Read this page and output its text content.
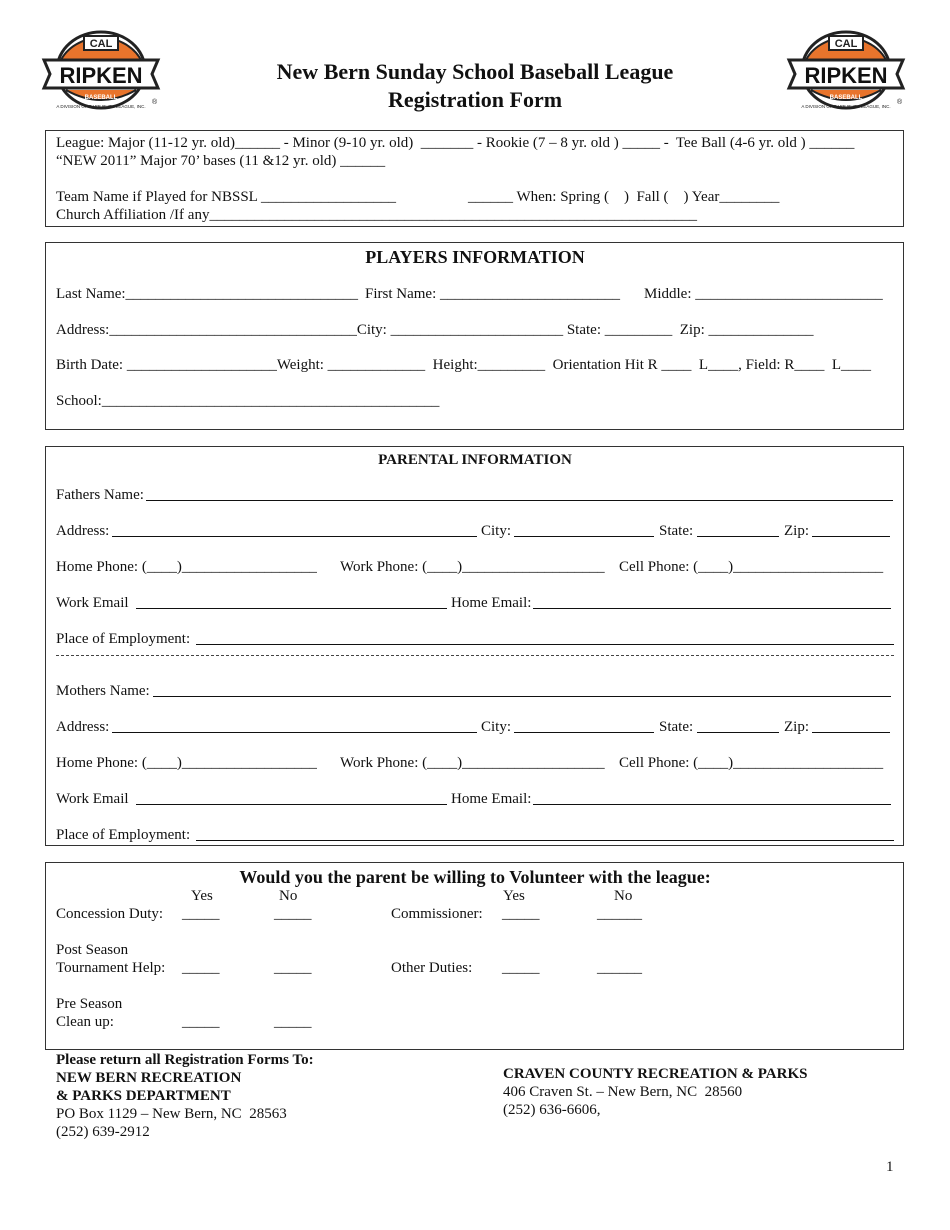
CAL
RIPKEN
BASEBALL
A DIVISION OF BABE RUTH LEAGUE, INC.
®
CAL
RIPKEN
BASEBALL
A DIVISION OF BABE RUTH LEAGUE, INC.
®
New Bern Sunday School Baseball League
Registration Form
League: Major (11-12 yr. old)______ - Minor (9-10 yr. old)  _______ - Rookie (7 – 8 yr. old ) _____ -  Tee Ball (4-6 yr. old ) ______
“NEW 2011” Major 70’ bases (11 &12 yr. old) ______
Team Name if Played for NBSSL __________________	______ When: Spring (    )  Fall (    ) Year________
Church Affiliation /If any_________________________________________________________________
PLAYERS INFORMATION
Last Name:_______________________________ First Name: ________________________ Middle: _________________________
Address:_________________________________City: _______________________ State: _________  Zip: ______________
Birth Date: ____________________Weight: _____________  Height:_________  Orientation Hit R ____  L____, Field: R____  L____
School:_____________________________________________
PARENTAL INFORMATION
Fathers Name:
Address:	City:	State:	Zip:
Home Phone: (____)__________________ Work Phone: (____)___________________ Cell Phone: (____)____________________
Work Email	Home Email:
Place of Employment:
Mothers Name:
Address:	City:	State:	Zip:
Home Phone: (____)__________________ Work Phone: (____)___________________ Cell Phone: (____)____________________
Work Email	Home Email:
Place of Employment:
Would you the parent be willing to Volunteer with the league:
Yes	No	Yes	No
Concession Duty: _____	_____	Commissioner: _____	______
Post Season
Tournament Help: _____	_____	Other Duties: _____	______
Pre Season
Clean up:	_____	_____
Please return all Registration Forms To:
NEW BERN RECREATION
& PARKS DEPARTMENT
PO Box 1129 – New Bern, NC  28563
(252) 639-2912
CRAVEN COUNTY RECREATION & PARKS
406 Craven St. – New Bern, NC  28560
(252) 636-6606,
1
